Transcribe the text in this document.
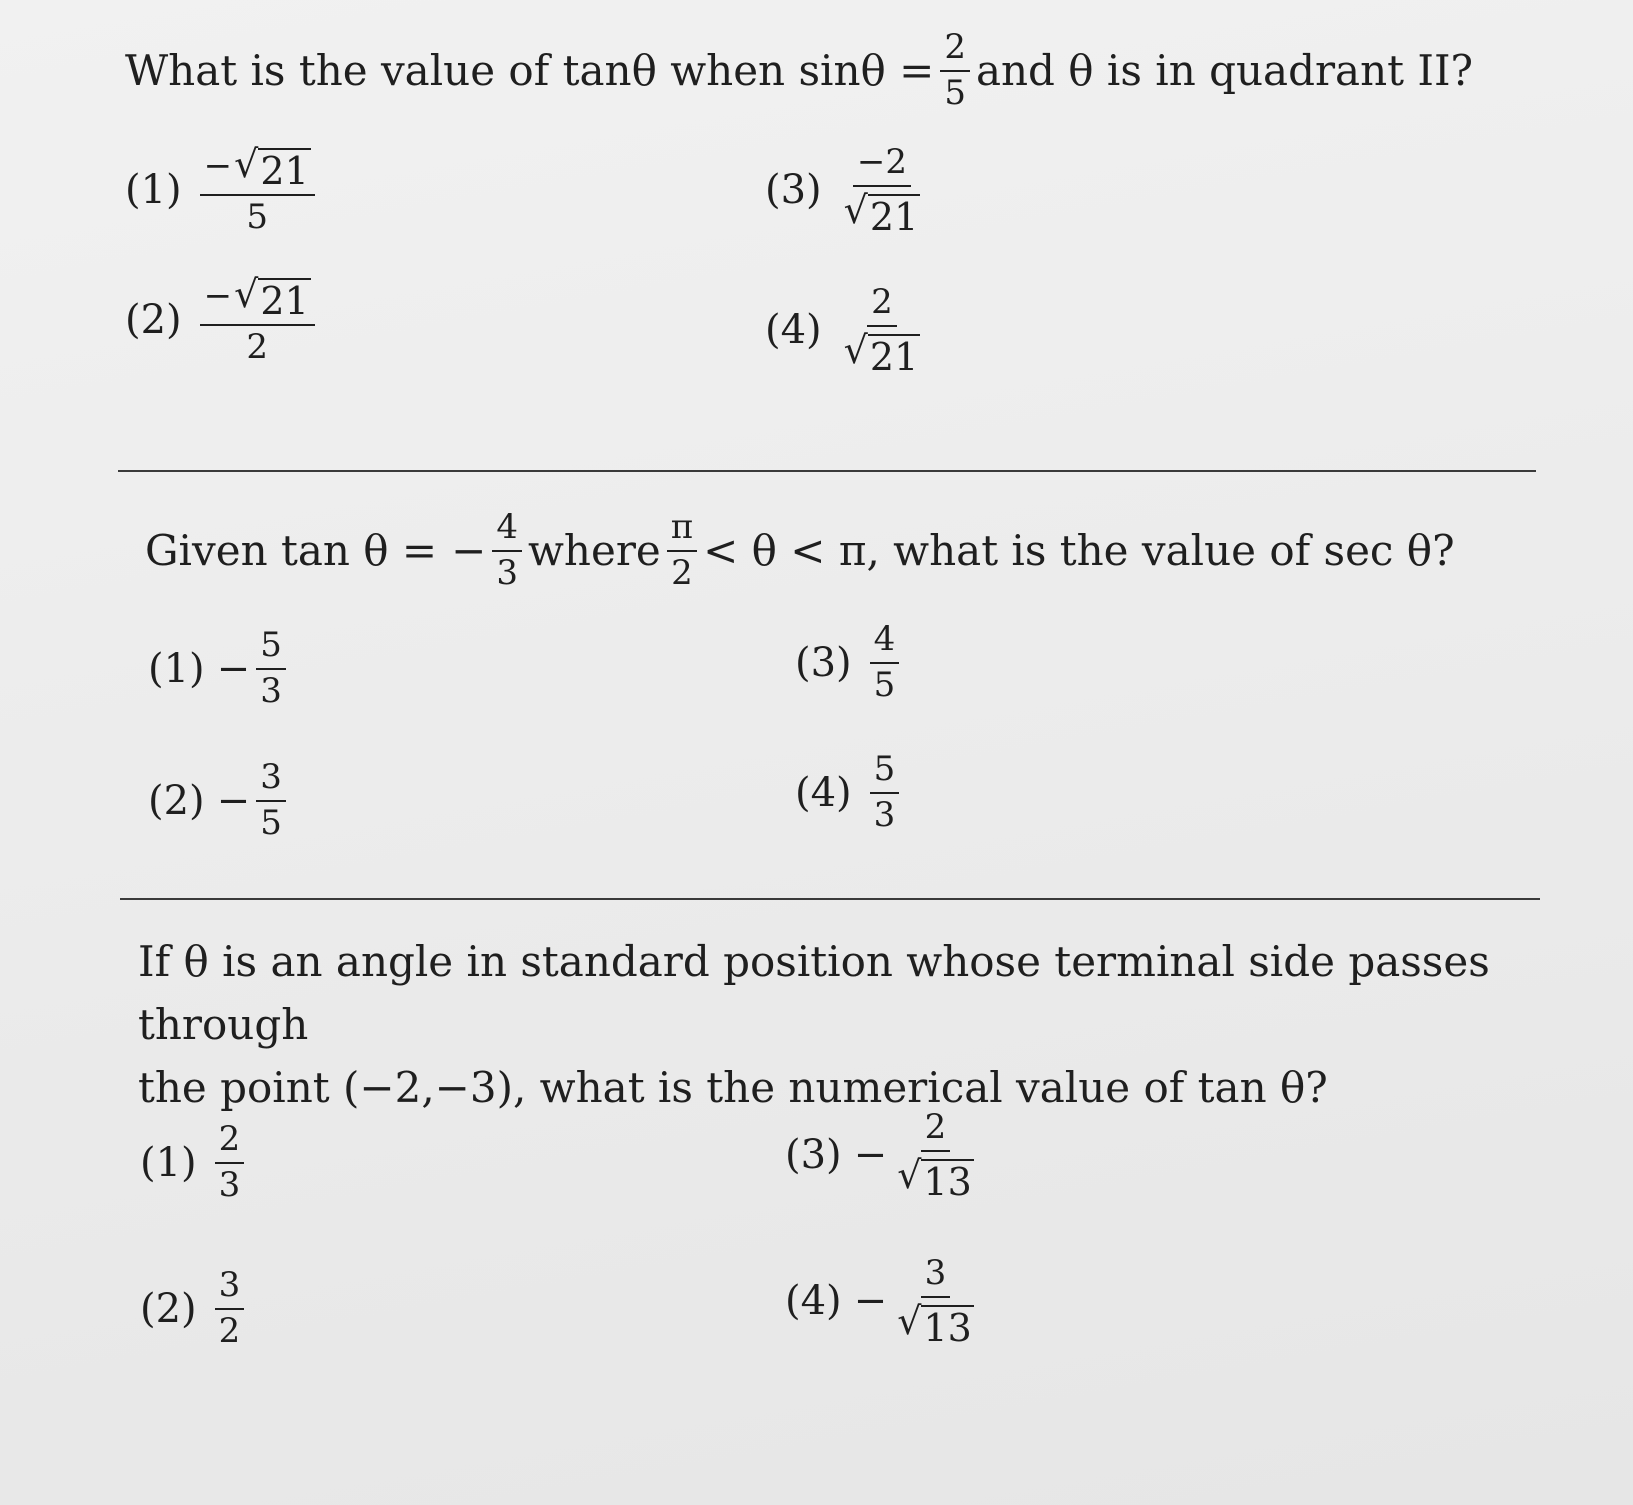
What is the value of tanθ when $\sin\theta = \frac{2}{5}$ and θ is in quadrant II?
$(1) \frac{- √ 21}{5}$
$(2) \frac{- √ 21}{2}$
$(3) \frac{-2}{√ 21}$
$(4) \frac{2}{√ 21}$
Given tan θ = − $\frac{4}{3}$ where $\frac{\pi}{2} < \theta < \pi$, what is the value of sec θ?
$(1) - \frac{5}{3}$
$(2) - \frac{3}{5}$
$(3) \frac{4}{5}$
$(4) \frac{5}{3}$
If θ is an angle in standard position whose terminal side passes through
the point (−2,−3), what is the numerical value of tan θ?
$(1) \frac{2}{3}$
$(2) \frac{3}{2}$
$(3) - \frac{2}{√ 13}$
$(4) - \frac{3}{√ 13}$
